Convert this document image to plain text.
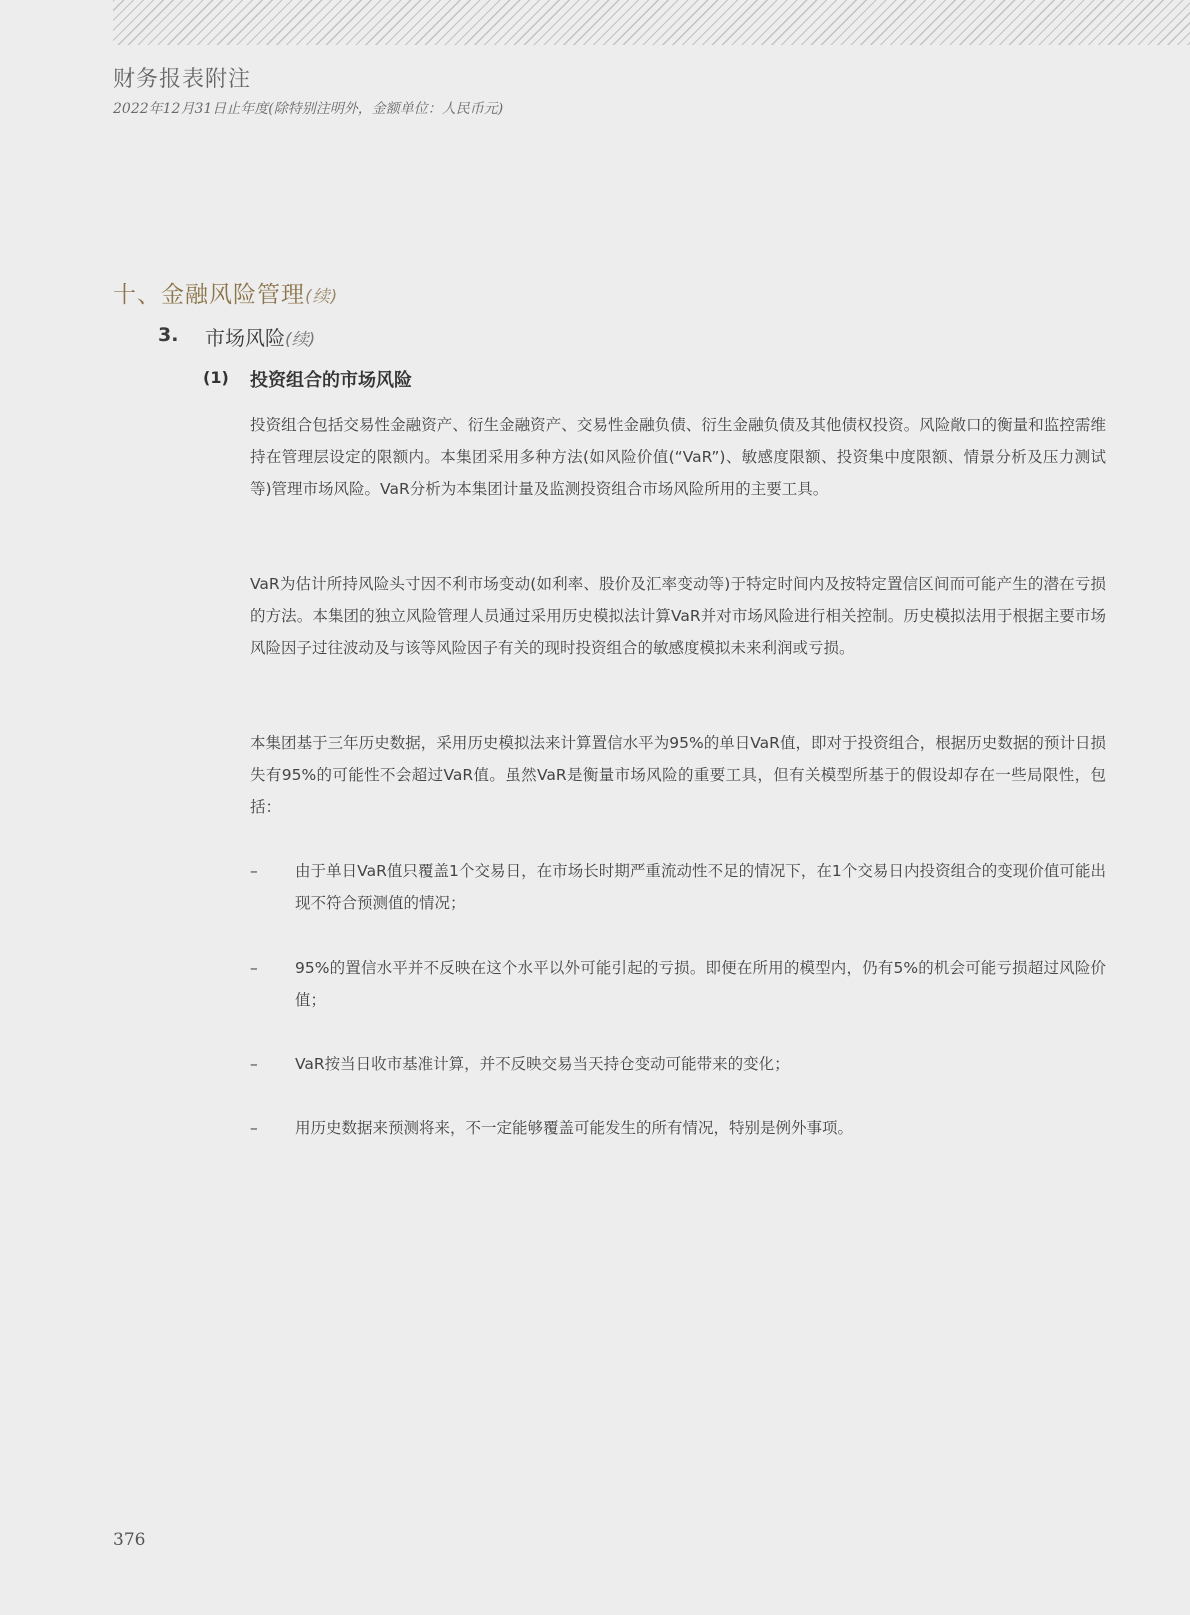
财务报表附注
2022年12月31日止年度(除特别注明外，金额单位：人民币元)
十、金融风险管理(续)
3. 市场风险(续)
(1) 投资组合的市场风险
投资组合包括交易性金融资产、衍生金融资产、交易性金融负债、衍生金融负债及其他债权投资。风险敞口的衡量和监控需维持在管理层设定的限额内。本集团采用多种方法(如风险价值(“VaR”)、敏感度限额、投资集中度限额、情景分析及压力测试等)管理市场风险。VaR分析为本集团计量及监测投资组合市场风险所用的主要工具。
VaR为估计所持风险头寸因不利市场变动(如利率、股价及汇率变动等)于特定时间内及按特定置信区间而可能产生的潜在亏损的方法。本集团的独立风险管理人员通过采用历史模拟法计算VaR并对市场风险进行相关控制。历史模拟法用于根据主要市场风险因子过往波动及与该等风险因子有关的现时投资组合的敏感度模拟未来利润或亏损。
本集团基于三年历史数据，采用历史模拟法来计算置信水平为95%的单日VaR值，即对于投资组合，根据历史数据的预计日损失有95%的可能性不会超过VaR值。虽然VaR是衡量市场风险的重要工具，但有关模型所基于的假设却存在一些局限性，包括：
–	由于单日VaR值只覆盖1个交易日，在市场长时期严重流动性不足的情况下，在1个交易日内投资组合的变现价值可能出现不符合预测值的情况；
–	95%的置信水平并不反映在这个水平以外可能引起的亏损。即便在所用的模型内，仍有5%的机会可能亏损超过风险价值；
–	VaR按当日收市基准计算，并不反映交易当天持仓变动可能带来的变化；
–	用历史数据来预测将来，不一定能够覆盖可能发生的所有情况，特别是例外事项。
376
